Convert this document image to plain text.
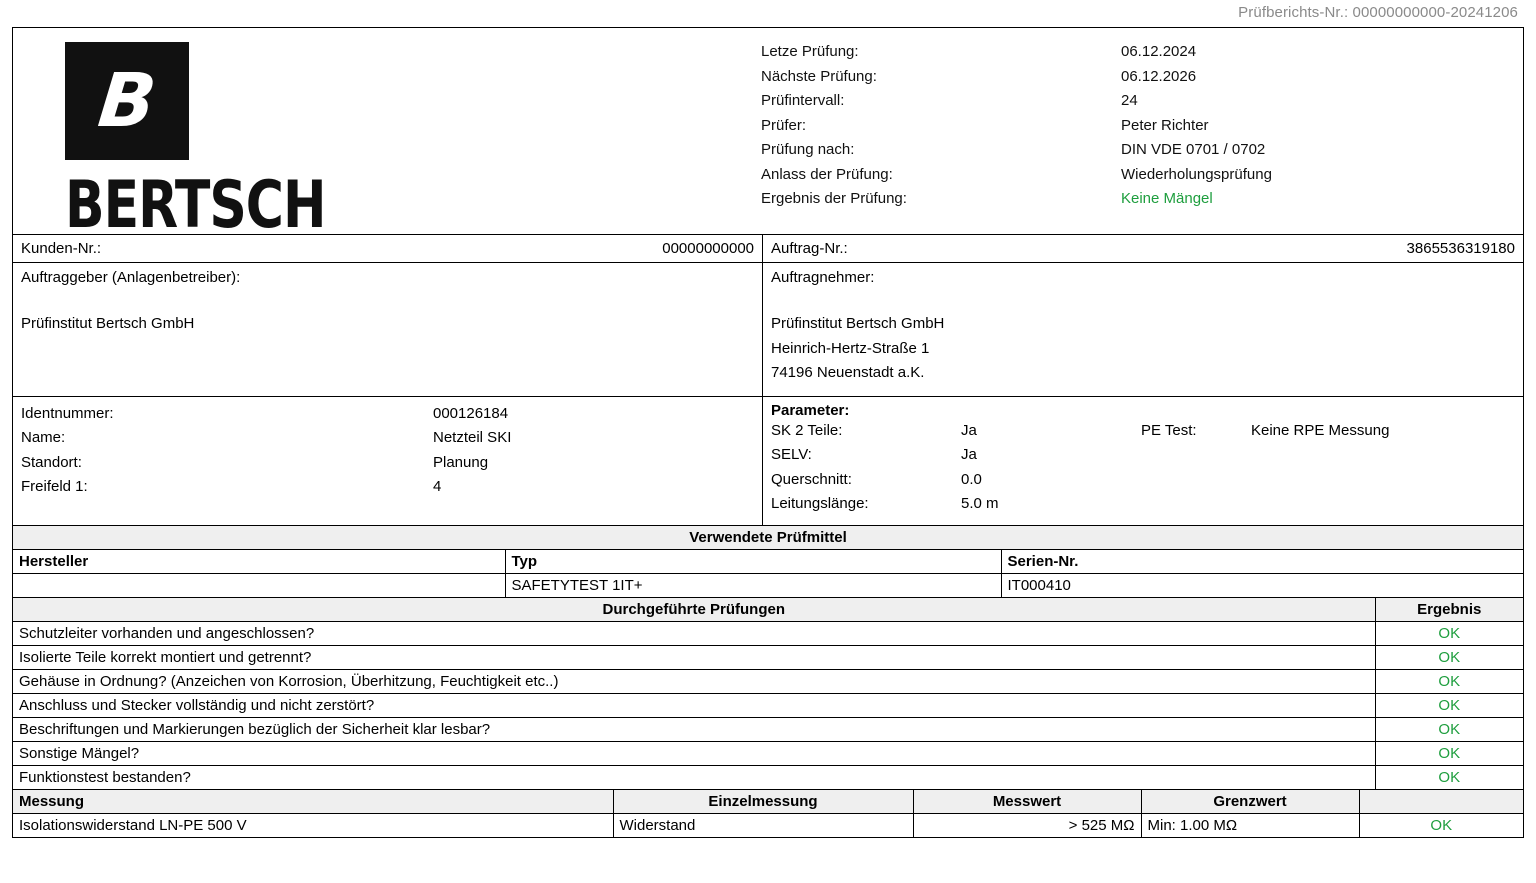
Prüfberichts-Nr.: 00000000000-20241206
B
BERTSCH
Letze Prüfung:	06.12.2024
Nächste Prüfung:	06.12.2026
Prüfintervall:	24
Prüfer:	Peter Richter
Prüfung nach:	DIN VDE 0701 / 0702
Anlass der Prüfung:	Wiederholungsprüfung
Ergebnis der Prüfung:	Keine Mängel
Kunden-Nr.:	00000000000 Auftrag-Nr.:	3865536319180
Auftraggeber (Anlagenbetreiber):
Prüfinstitut Bertsch GmbH
Auftragnehmer:
Prüfinstitut Bertsch GmbH
Heinrich-Hertz-Straße 1
74196 Neuenstadt a.K.
Identnummer:	000126184
Name:	Netzteil SKI
Standort:	Planung
Freifeld 1:	4
Parameter:
SK 2 Teile:	Ja	PE Test:	Keine RPE Messung
SELV:	Ja
Querschnitt:	0.0
Leitungslänge:	5.0 m
Verwendete Prüfmittel
Hersteller	Typ	Serien-Nr.
	SAFETYTEST 1IT+	IT000410
Durchgeführte Prüfungen	Ergebnis
Schutzleiter vorhanden und angeschlossen?	OK
Isolierte Teile korrekt montiert und getrennt?	OK
Gehäuse in Ordnung? (Anzeichen von Korrosion, Überhitzung, Feuchtigkeit etc..)	OK
Anschluss und Stecker vollständig und nicht zerstört?	OK
Beschriftungen und Markierungen bezüglich der Sicherheit klar lesbar?	OK
Sonstige Mängel?	OK
Funktionstest bestanden?	OK
Messung	Einzelmessung	Messwert	Grenzwert	
Isolationswiderstand LN-PE 500 V	Widerstand	> 525 MΩ	Min: 1.00 MΩ	OK
